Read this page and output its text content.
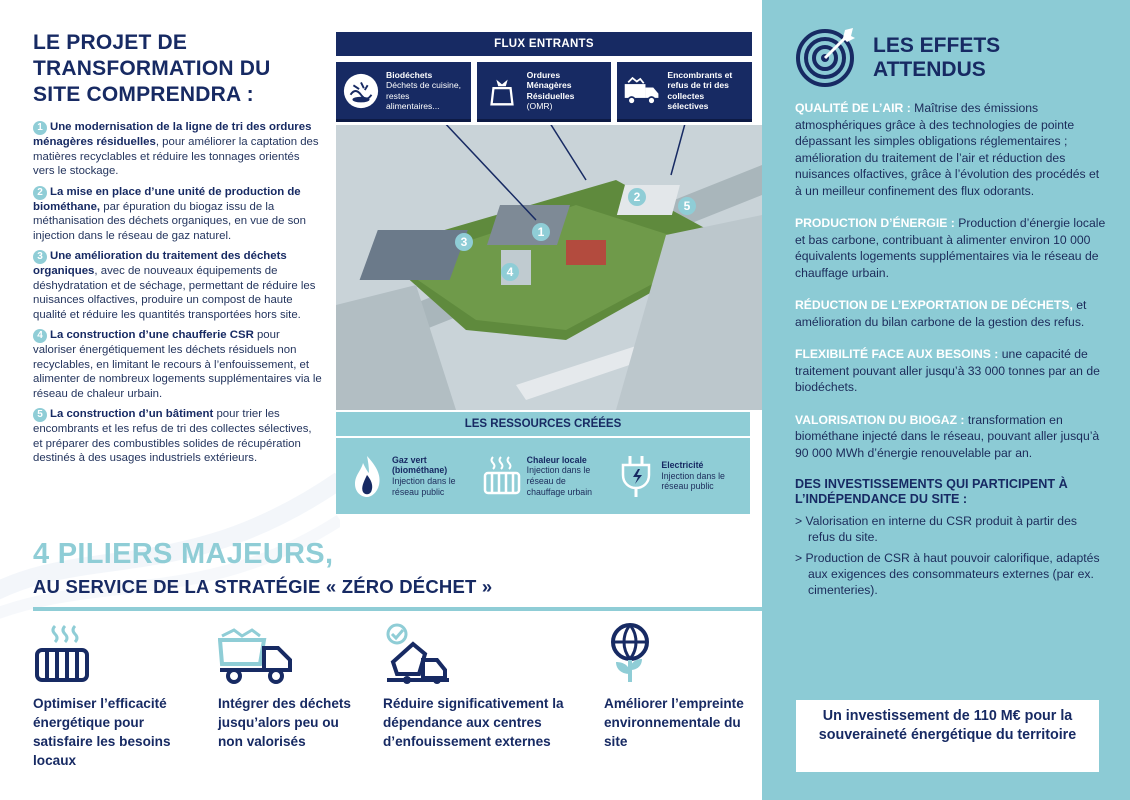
LE PROJET DE TRANSFORMATION DU SITE COMPRENDRA :

1 Une modernisation de la ligne de tri des ordures ménagères résiduelles, pour améliorer la captation des matières recyclables et réduire les tonnages orientés vers le stockage.

2 La mise en place d’une unité de production de biométhane, par épuration du biogaz issu de la méthanisation des déchets organiques, en vue de son injection dans le réseau de gaz naturel.

3 Une amélioration du traitement des déchets organiques, avec de nouveaux équipements de déshydratation et de séchage, permettant de réduire les nuisances olfactives, produire un compost de haute qualité et réduire les quantités transportées hors site.

4 La construction d’une chaufferie CSR pour valoriser énergétiquement les déchets résiduels non recyclables, en limitant le recours à l’enfouissement, et alimenter de nombreux logements supplémentaires via le réseau de chaleur urbain.

5 La construction d’un bâtiment pour trier les encombrants et les refus de tri des collectes sélectives, et préparer des combustibles solides de récupération destinés à des usages industriels extérieurs.

FLUX ENTRANTS
Biodéchets
Déchets de cuisine, restes alimentaires...
Ordures Ménagères Résiduelles
(OMR)
Encombrants et refus de tri des collectes sélectives
1
2
3
4
5
LES RESSOURCES CRÉÉES
Gaz vert (biométhane)
Injection dans le réseau public
Chaleur locale
Injection dans le réseau de chauffage urbain
Electricité
Injection dans le réseau public
4 PILIERS MAJEURS,
AU SERVICE DE LA STRATÉGIE « ZÉRO DÉCHET »
Optimiser l’efficacité énergétique pour satisfaire les besoins locaux
Intégrer des déchets jusqu’alors peu ou non valorisés
Réduire significativement la dépendance aux centres d’enfouissement externes
Améliorer l’empreinte environnementale du site
LES EFFETS ATTENDUS

QUALITÉ DE L’AIR : Maîtrise des émissions atmosphériques grâce à des technologies de pointe dépassant les simples obligations réglementaires ; amélioration du traitement de l’air et réduction des nuisances olfactives, grâce à l’évolution des procédés et à un meilleur confinement des flux odorants.

PRODUCTION D’ÉNERGIE : Production d’énergie locale et bas carbone, contribuant à alimenter environ 10 000 équivalents logements supplémentaires via le réseau de chauffage urbain.

RÉDUCTION DE L’EXPORTATION DE DÉCHETS, et amélioration du bilan carbone de la gestion des refus.

FLEXIBILITÉ FACE AUX BESOINS : une capacité de traitement pouvant aller jusqu’à 33 000 tonnes par an de biodéchets.

VALORISATION DU BIOGAZ : transformation en biométhane injecté dans le réseau, pouvant aller jusqu’à 90 000 MWh d’énergie renouvelable par an.

DES INVESTISSEMENTS QUI PARTICIPENT À L’INDÉPENDANCE DU SITE :

> Valorisation en interne du CSR produit à partir des refus du site.

> Production de CSR à haut pouvoir calorifique, adaptés aux exigences des consommateurs externes (par ex. cimenteries).

Un investissement de 110 M€ pour la souveraineté énergétique du territoire
